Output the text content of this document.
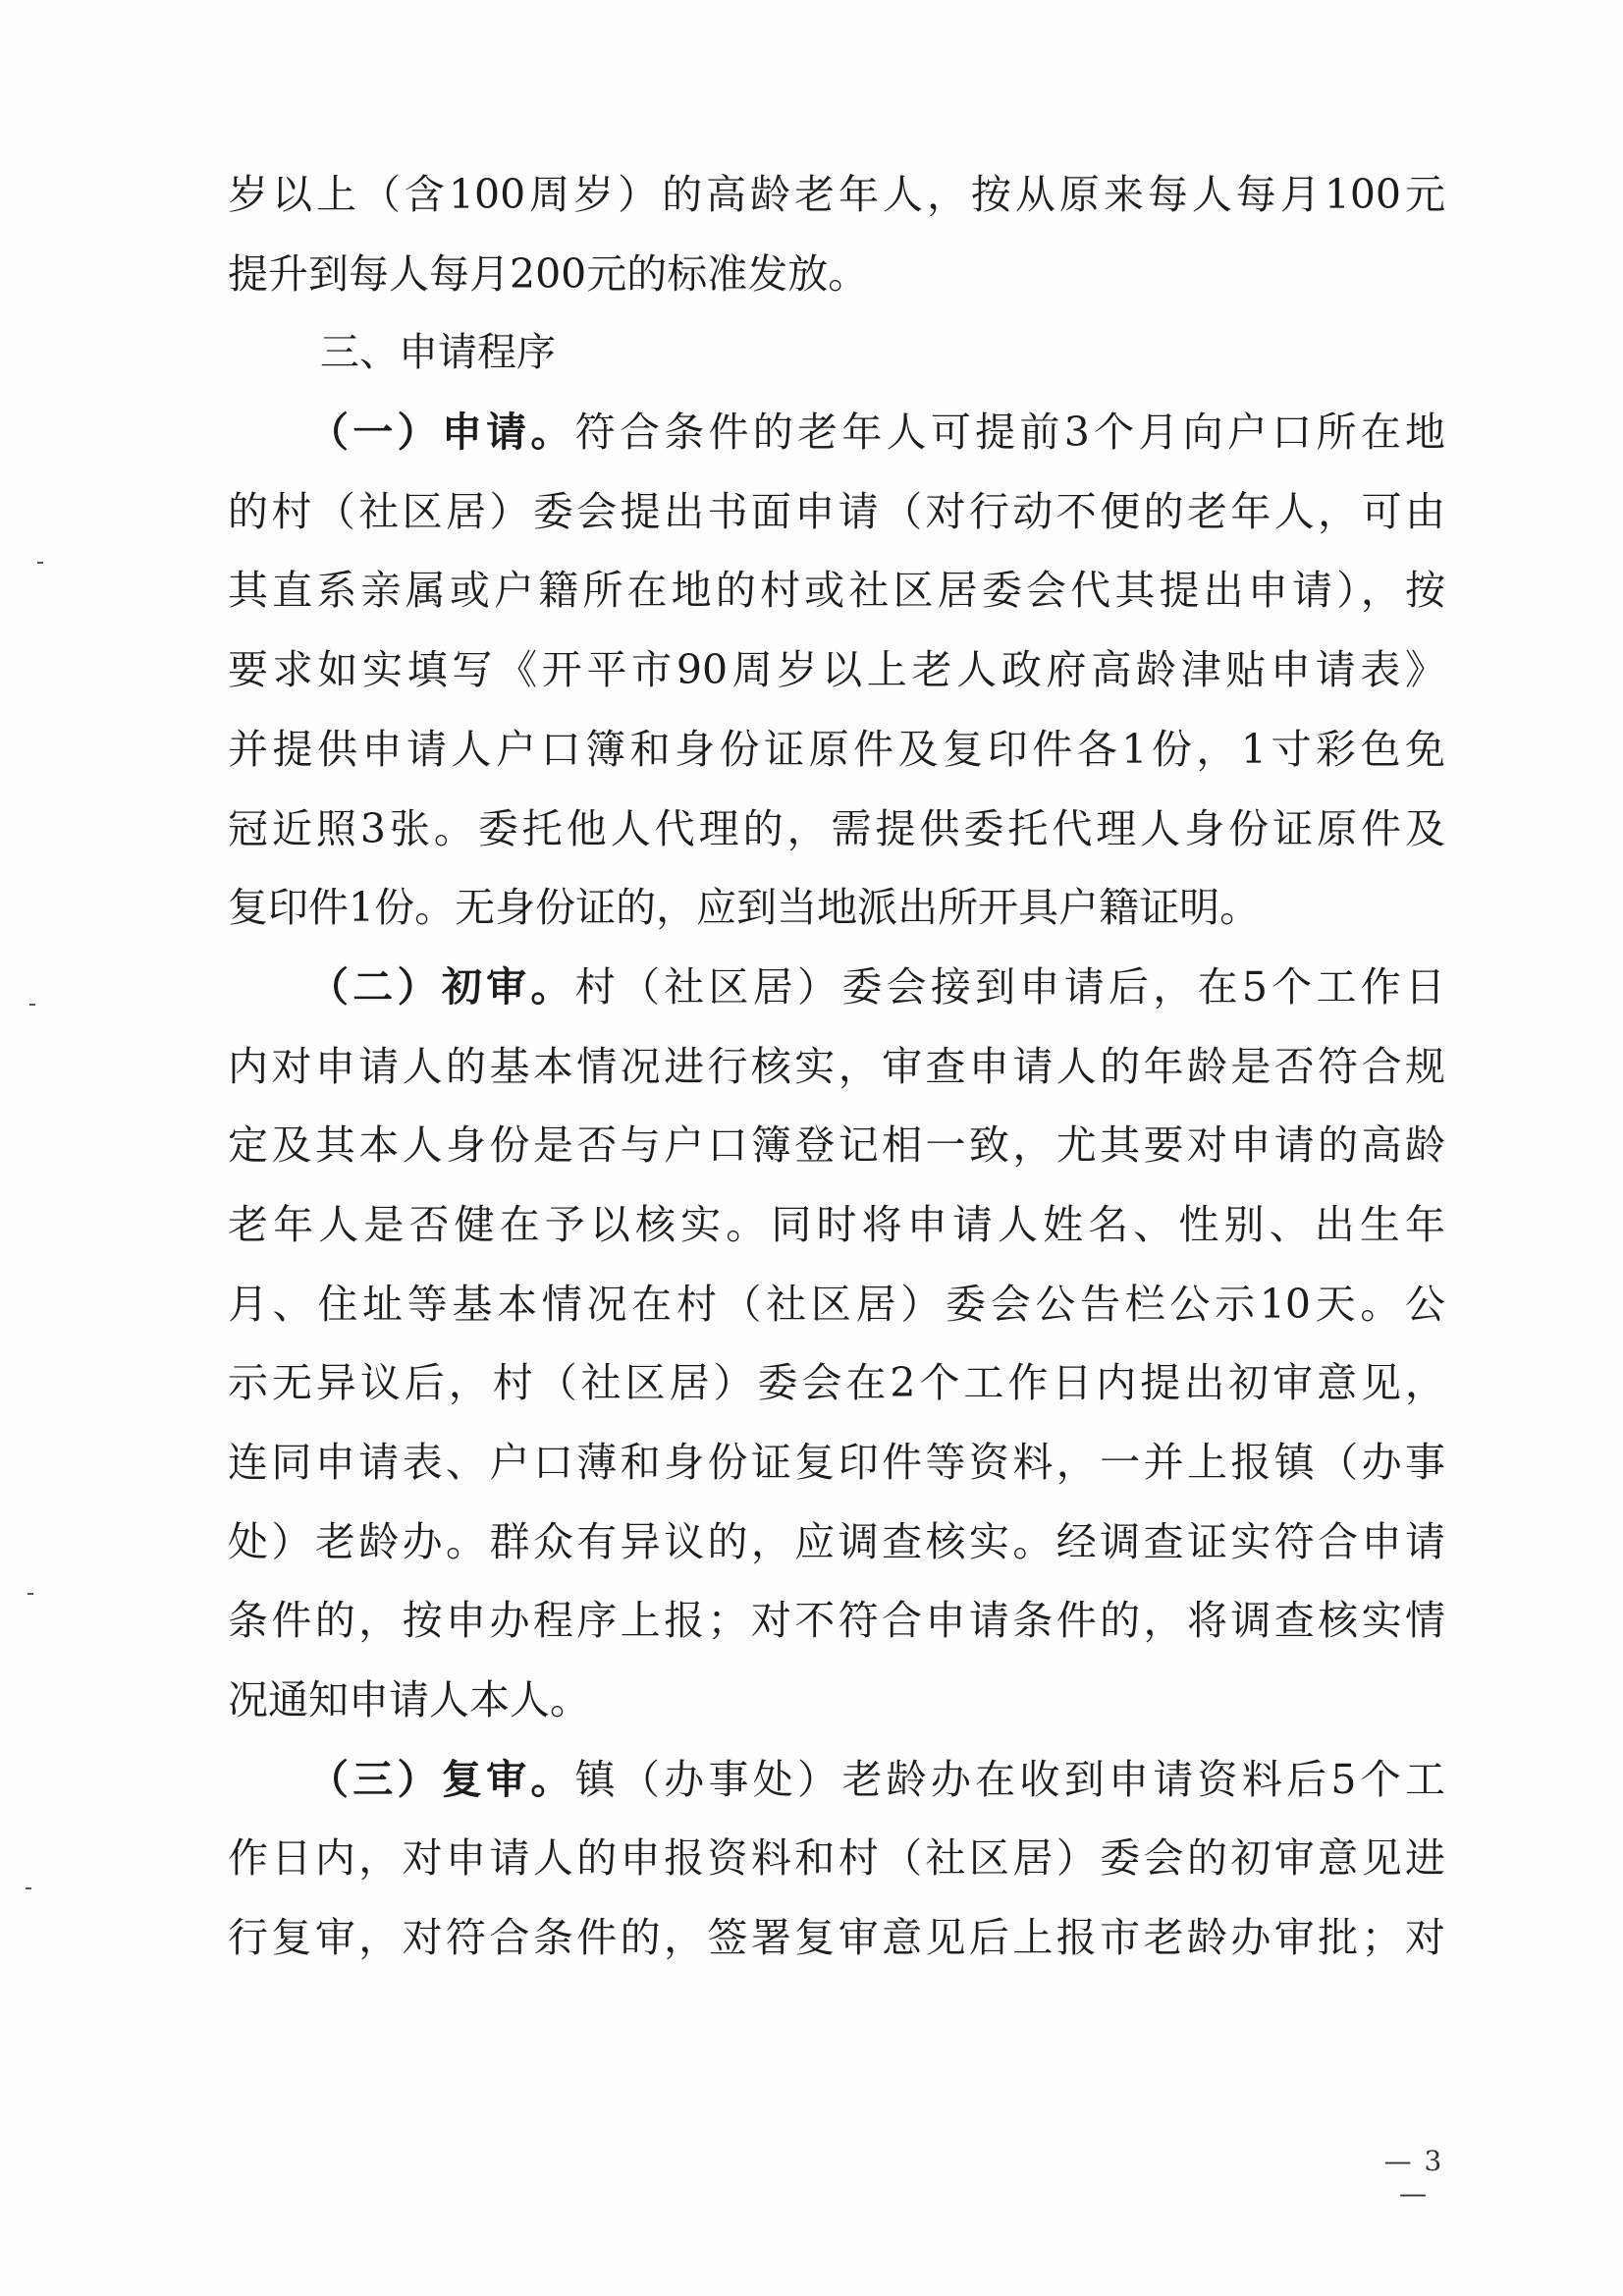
岁以上（含100周岁）的高龄老年人，按从原来每人每月100元
提升到每人每月200元的标准发放。
三、申请程序
（一）申请。符合条件的老年人可提前3个月向户口所在地
的村（社区居）委会提出书面申请（对行动不便的老年人，可由
其直系亲属或户籍所在地的村或社区居委会代其提出申请），按
要求如实填写《开平市90周岁以上老人政府高龄津贴申请表》
并提供申请人户口簿和身份证原件及复印件各1份，1寸彩色免
冠近照3张。委托他人代理的，需提供委托代理人身份证原件及
复印件1份。无身份证的，应到当地派出所开具户籍证明。
（二）初审。村（社区居）委会接到申请后，在5个工作日
内对申请人的基本情况进行核实，审查申请人的年龄是否符合规
定及其本人身份是否与户口簿登记相一致，尤其要对申请的高龄
老年人是否健在予以核实。同时将申请人姓名、性别、出生年
月、住址等基本情况在村（社区居）委会公告栏公示10天。公
示无异议后，村（社区居）委会在2个工作日内提出初审意见，
连同申请表、户口薄和身份证复印件等资料，一并上报镇（办事
处）老龄办。群众有异议的，应调查核实。经调查证实符合申请
条件的，按申办程序上报；对不符合申请条件的，将调查核实情
况通知申请人本人。
（三）复审。镇（办事处）老龄办在收到申请资料后5个工
作日内，对申请人的申报资料和村（社区居）委会的初审意见进
行复审，对符合条件的，签署复审意见后上报市老龄办审批；对
— 3 —
